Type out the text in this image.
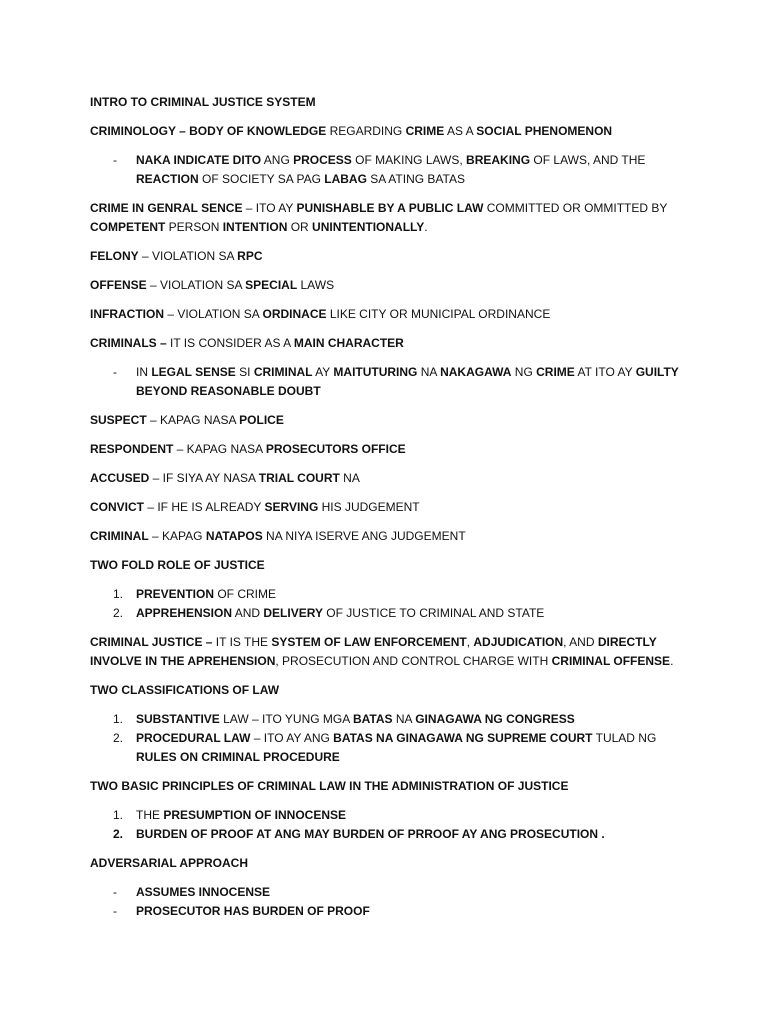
INTRO TO CRIMINAL JUSTICE SYSTEM
CRIMINOLOGY – BODY OF KNOWLEDGE REGARDING CRIME AS A SOCIAL PHENOMENON
- NAKA INDICATE DITO ANG PROCESS OF MAKING LAWS, BREAKING OF LAWS, AND THE REACTION OF SOCIETY SA PAG LABAG SA ATING BATAS
CRIME IN GENRAL SENCE – ITO AY PUNISHABLE BY A PUBLIC LAW COMMITTED OR OMMITTED BY COMPETENT PERSON INTENTION OR UNINTENTIONALLY.
FELONY – VIOLATION SA RPC
OFFENSE – VIOLATION SA SPECIAL LAWS
INFRACTION – VIOLATION SA ORDINACE LIKE CITY OR MUNICIPAL ORDINANCE
CRIMINALS – IT IS CONSIDER AS A MAIN CHARACTER
- IN LEGAL SENSE SI CRIMINAL AY MAITUTURING NA NAKAGAWA NG CRIME AT ITO AY GUILTY BEYOND REASONABLE DOUBT
SUSPECT – KAPAG NASA POLICE
RESPONDENT – KAPAG NASA PROSECUTORS OFFICE
ACCUSED – IF SIYA AY NASA TRIAL COURT NA
CONVICT – IF HE IS ALREADY SERVING HIS JUDGEMENT
CRIMINAL – KAPAG NATAPOS NA NIYA ISERVE ANG JUDGEMENT
TWO FOLD ROLE OF JUSTICE
1. PREVENTION OF CRIME
2. APPREHENSION AND DELIVERY OF JUSTICE TO CRIMINAL AND STATE
CRIMINAL JUSTICE – IT IS THE SYSTEM OF LAW ENFORCEMENT, ADJUDICATION, AND DIRECTLY INVOLVE IN THE APREHENSION, PROSECUTION AND CONTROL CHARGE WITH CRIMINAL OFFENSE.
TWO CLASSIFICATIONS OF LAW
1. SUBSTANTIVE LAW – ITO YUNG MGA BATAS NA GINAGAWA NG CONGRESS
2. PROCEDURAL LAW – ITO AY ANG BATAS NA GINAGAWA NG SUPREME COURT TULAD NG RULES ON CRIMINAL PROCEDURE
TWO BASIC PRINCIPLES OF CRIMINAL LAW IN THE ADMINISTRATION OF JUSTICE
1. THE PRESUMPTION OF INNOCENSE
2. BURDEN OF PROOF AT ANG MAY BURDEN OF PRROOF AY ANG PROSECUTION .
ADVERSARIAL APPROACH
- ASSUMES INNOCENSE
- PROSECUTOR HAS BURDEN OF PROOF
